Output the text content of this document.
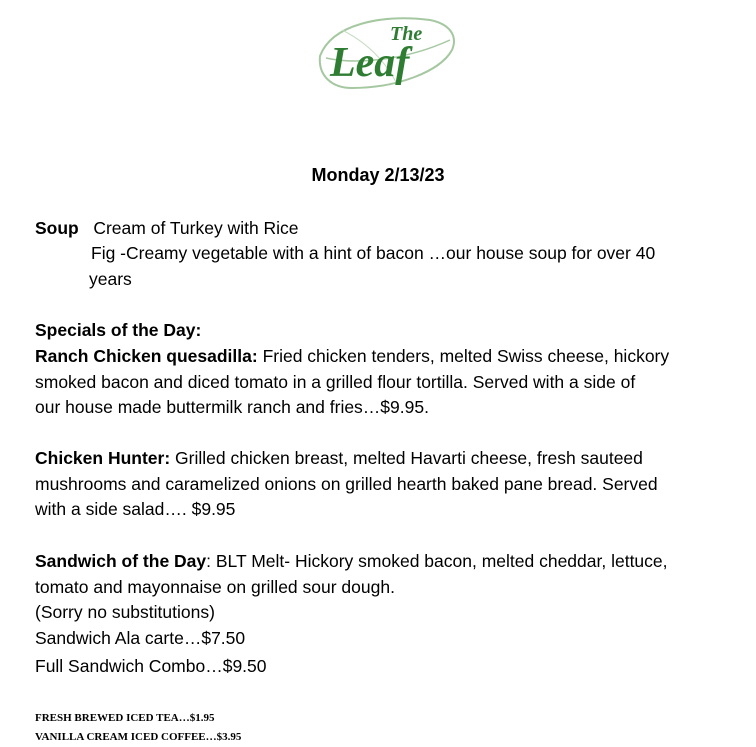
The
Leaf
Monday 2/13/23
Soup Cream of Turkey with Rice
Fig -Creamy vegetable with a hint of bacon …our house soup for over 40
years
Specials of the Day:
Ranch Chicken quesadilla: Fried chicken tenders, melted Swiss cheese, hickory
smoked bacon and diced tomato in a grilled flour tortilla. Served with a side of
our house made buttermilk ranch and fries…$9.95.
Chicken Hunter: Grilled chicken breast, melted Havarti cheese, fresh sauteed
mushrooms and caramelized onions on grilled hearth baked pane bread. Served
with a side salad…. $9.95
Sandwich of the Day: BLT Melt- Hickory smoked bacon, melted cheddar, lettuce,
tomato and mayonnaise on grilled sour dough.
(Sorry no substitutions)
Sandwich Ala carte…$7.50
Full Sandwich Combo…$9.50
FRESH BREWED ICED TEA…$1.95
VANILLA CREAM ICED COFFEE…$3.95
